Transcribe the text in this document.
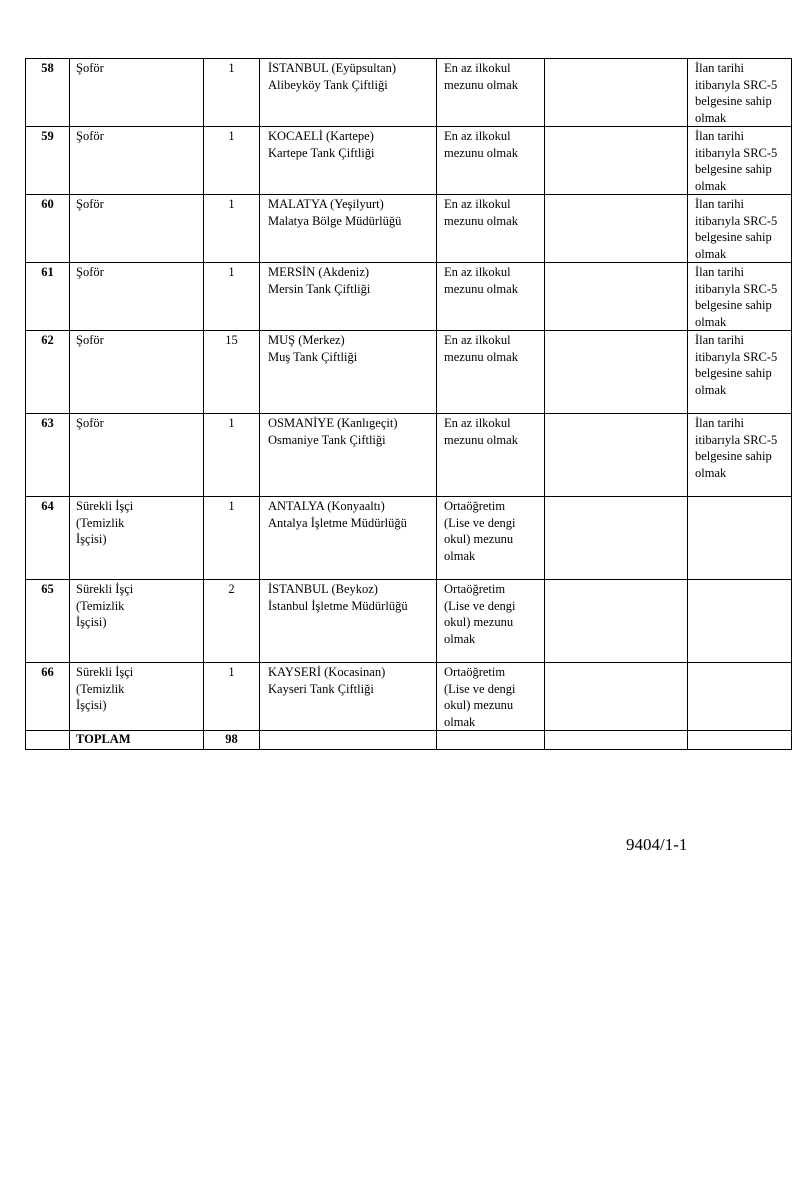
58	Şoför	1	İSTANBUL (Eyüpsultan)
Alibeyköy Tank Çiftliği	En az ilkokul
mezunu olmak		İlan tarihi
itibarıyla SRC-5
belgesine sahip
olmak

59	Şoför	1	KOCAELİ (Kartepe)
Kartepe Tank Çiftliği	En az ilkokul
mezunu olmak		İlan tarihi
itibarıyla SRC-5
belgesine sahip
olmak

60	Şoför	1	MALATYA (Yeşilyurt)
Malatya Bölge Müdürlüğü	En az ilkokul
mezunu olmak		İlan tarihi
itibarıyla SRC-5
belgesine sahip
olmak

61	Şoför	1	MERSİN (Akdeniz)
Mersin Tank Çiftliği	En az ilkokul
mezunu olmak		İlan tarihi
itibarıyla SRC-5
belgesine sahip
olmak

62	Şoför	15	MUŞ (Merkez)
Muş Tank Çiftliği	En az ilkokul
mezunu olmak		İlan tarihi
itibarıyla SRC-5
belgesine sahip
olmak

63	Şoför	1	OSMANİYE (Kanlıgeçit)
Osmaniye Tank Çiftliği	En az ilkokul
mezunu olmak		İlan tarihi
itibarıyla SRC-5
belgesine sahip
olmak

64	Sürekli İşçi
(Temizlik
İşçisi)	1	ANTALYA (Konyaaltı)
Antalya İşletme Müdürlüğü	Ortaöğretim
(Lise ve dengi
okul) mezunu
olmak		

65	Sürekli İşçi
(Temizlik
İşçisi)	2	İSTANBUL (Beykoz)
İstanbul İşletme Müdürlüğü	Ortaöğretim
(Lise ve dengi
okul) mezunu
olmak		

66	Sürekli İşçi
(Temizlik
İşçisi)	1	KAYSERİ (Kocasinan)
Kayseri Tank Çiftliği	Ortaöğretim
(Lise ve dengi
okul) mezunu
olmak		

	TOPLAM	98				
9404/1-1
